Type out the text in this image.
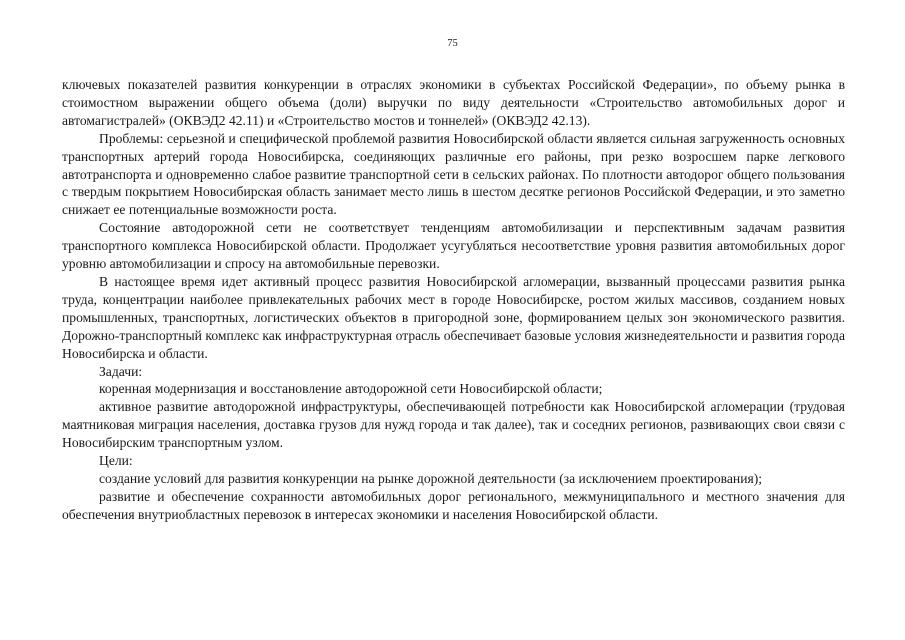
75

ключевых показателей развития конкуренции в отраслях экономики в субъектах Российской Федерации», по объему рынка в стоимостном выражении общего объема (доли) выручки по виду деятельности «Строительство автомобильных дорог и автомагистралей» (ОКВЭД2 42.11) и «Строительство мостов и тоннелей» (ОКВЭД2 42.13).

Проблемы: серьезной и специфической проблемой развития Новосибирской области является сильная загруженность основных транспортных артерий города Новосибирска, соединяющих различные его районы, при резко возросшем парке легкового автотранспорта и одновременно слабое развитие транспортной сети в сельских районах. По плотности автодорог общего пользования с твердым покрытием Новосибирская область занимает место лишь в шестом десятке регионов Российской Федерации, и это заметно снижает ее потенциальные возможности роста.

Состояние автодорожной сети не соответствует тенденциям автомобилизации и перспективным задачам развития транспортного комплекса Новосибирской области. Продолжает усугубляться несоответствие уровня развития автомобильных дорог уровню автомобилизации и спросу на автомобильные перевозки.

В настоящее время идет активный процесс развития Новосибирской агломерации, вызванный процессами развития рынка труда, концентрации наиболее привлекательных рабочих мест в городе Новосибирске, ростом жилых массивов, созданием новых промышленных, транспортных, логистических объектов в пригородной зоне, формированием целых зон экономического развития. Дорожно-транспортный комплекс как инфраструктурная отрасль обеспечивает базовые условия жизнедеятельности и развития города Новосибирска и области.

Задачи:

коренная модернизация и восстановление автодорожной сети Новосибирской области;

активное развитие автодорожной инфраструктуры, обеспечивающей потребности как Новосибирской агломерации (трудовая маятниковая миграция населения, доставка грузов для нужд города и так далее), так и соседних регионов, развивающих свои связи с Новосибирским транспортным узлом.

Цели:

создание условий для развития конкуренции на рынке дорожной деятельности (за исключением проектирования);

развитие и обеспечение сохранности автомобильных дорог регионального, межмуниципального и местного значения для обеспечения внутриобластных перевозок в интересах экономики и населения Новосибирской области.
